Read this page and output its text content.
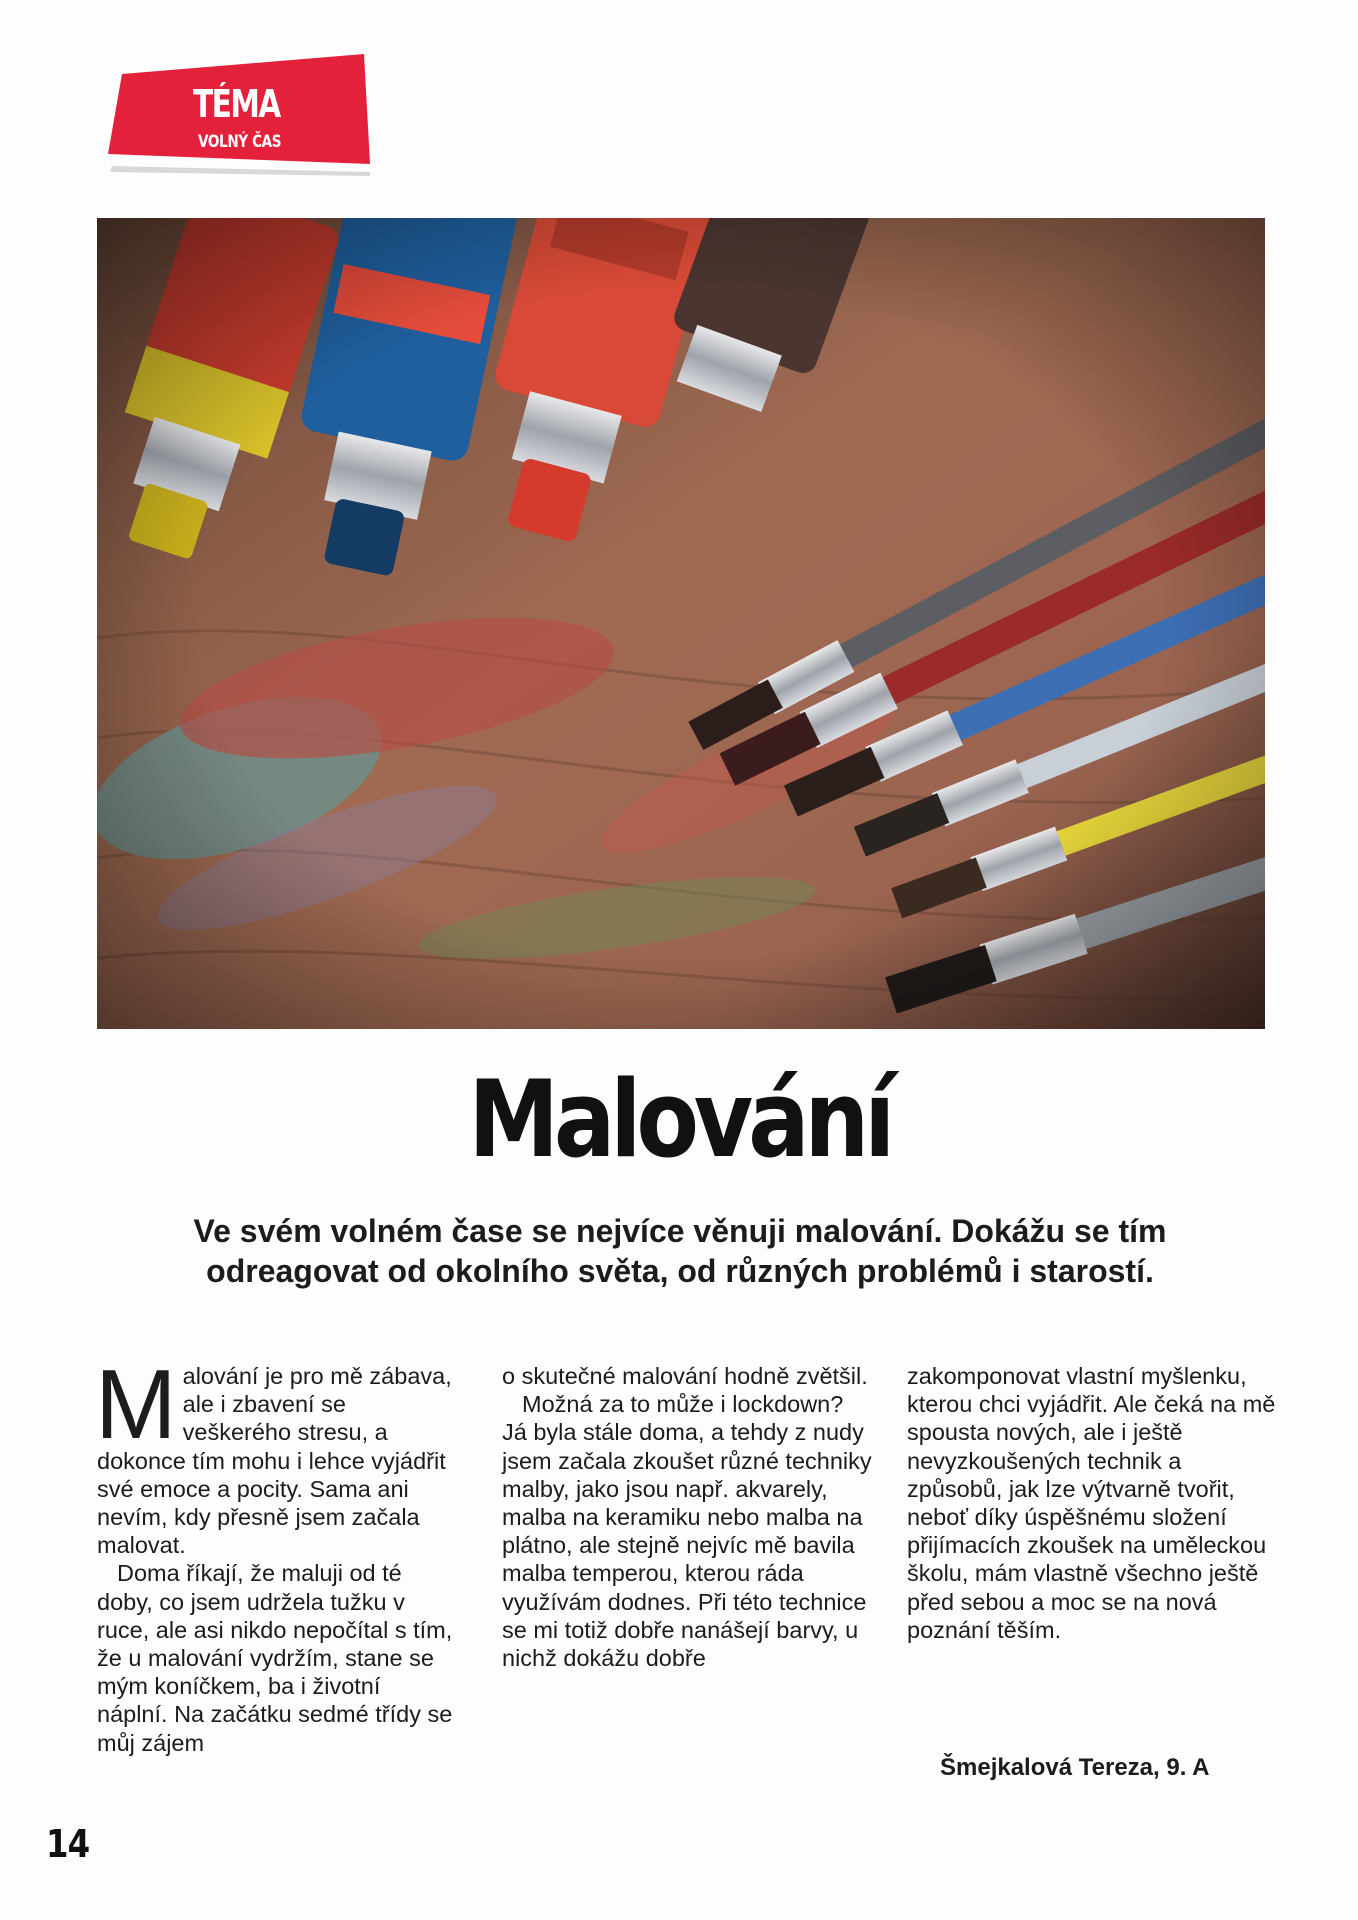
TÉMA
VOLNÝ ČAS
Malování
Ve svém volném čase se nejvíce věnuji malování. Dokážu se tím odreagovat od okolního světa, od různých problémů i starostí.

Malování je pro mě zábava, ale i zbavení se veškerého stresu, a dokonce tím mohu i lehce vyjádřit své emoce a pocity. Sama ani nevím, kdy přesně jsem začala malovat.

Doma říkají, že maluji od té doby, co jsem udržela tužku v ruce, ale asi nikdo nepočítal s tím, že u malování vydržím, stane se mým koníčkem, ba i životní náplní. Na začátku sedmé třídy se můj zájem

o skutečné malování hodně zvětšil.

Možná za to může i lockdown? Já byla stále doma, a tehdy z nudy jsem začala zkoušet různé techniky malby, jako jsou např. akvarely, malba na keramiku nebo malba na plátno, ale stejně nejvíc mě bavila malba temperou, kterou ráda využívám dodnes. Při této technice se mi totiž dobře nanášejí barvy, u nichž dokážu dobře

zakomponovat vlastní myšlenku, kterou chci vyjádřit. Ale čeká na mě spousta nových, ale i ještě nevyzkoušených technik a způsobů, jak lze výtvarně tvořit, neboť díky úspěšnému složení přijímacích zkoušek na uměleckou školu, mám vlastně všechno ještě před sebou a moc se na nová poznání těším.

Šmejkalová Tereza, 9. A
14
